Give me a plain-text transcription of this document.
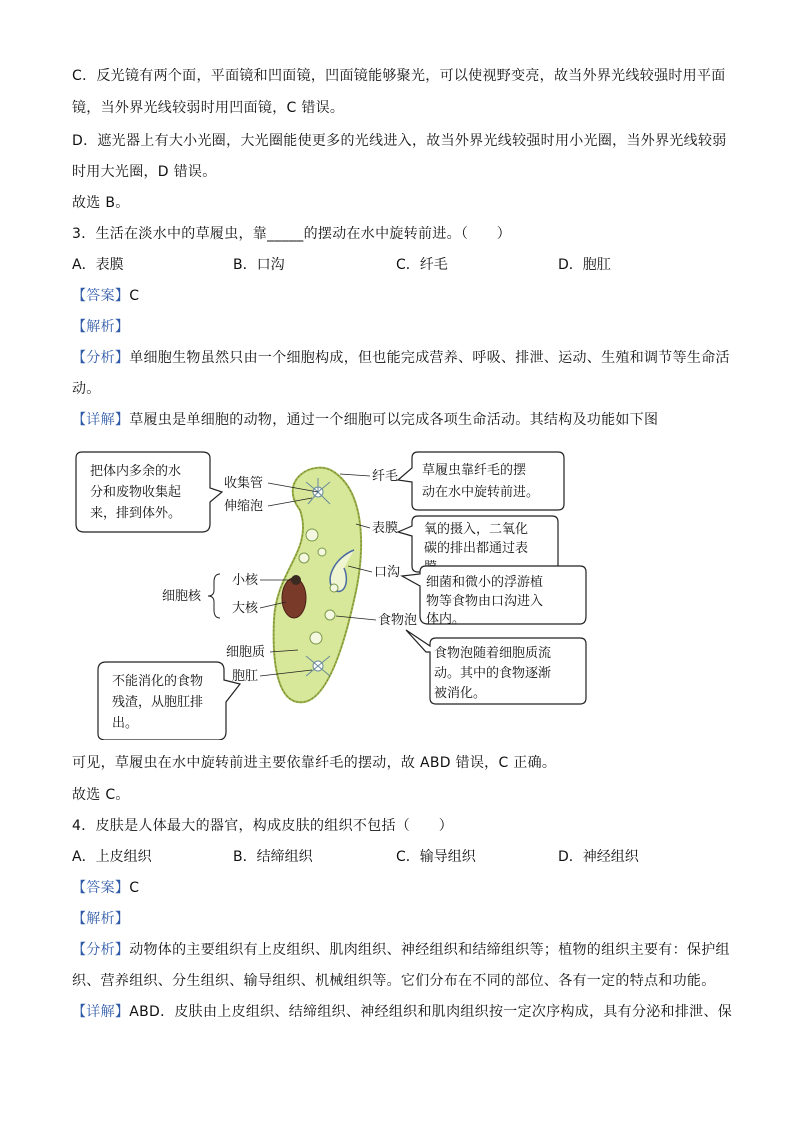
C．反光镜有两个面，平面镜和凹面镜，凹面镜能够聚光，可以使视野变亮，故当外界光线较强时用平面
镜，当外界光线较弱时用凹面镜，C 错误。
D．遮光器上有大小光圈，大光圈能使更多的光线进入，故当外界光线较强时用小光圈，当外界光线较弱
时用大光圈，D 错误。
故选 B。
3．生活在淡水中的草履虫，靠_____的摆动在水中旋转前进。（　　）
A．表膜	B．口沟	C．纤毛	D．胞肛
【答案】C
【解析】
【分析】单细胞生物虽然只由一个细胞构成，但也能完成营养、呼吸、排泄、运动、生殖和调节等生命活
动。
【详解】草履虫是单细胞的动物，通过一个细胞可以完成各项生命活动。其结构及功能如下图
把体内多余的水
分和废物收集起
来，排到体外。
不能消化的食物
残渣，从胞肛排
出。
收集管
伸缩泡
细胞核
小核
大核
细胞质
胞肛
纤毛
表膜
口沟
食物泡
草履虫靠纤毛的摆
动在水中旋转前进。
氧的摄入，二氧化
碳的排出都通过表
细菌和微小的浮游植
物等食物由口沟进入
体内。
食物泡随着细胞质流
动。其中的食物逐渐
被消化。
可见，草履虫在水中旋转前进主要依靠纤毛的摆动，故 ABD 错误，C 正确。
故选 C。
4．皮肤是人体最大的器官，构成皮肤的组织不包括（　　）
A．上皮组织	B．结缔组织	C．输导组织	D．神经组织
【答案】C
【解析】
【分析】动物体的主要组织有上皮组织、肌肉组织、神经组织和结缔组织等；植物的组织主要有：保护组
织、营养组织、分生组织、输导组织、机械组织等。它们分布在不同的部位、各有一定的特点和功能。
【详解】ABD．皮肤由上皮组织、结缔组织、神经组织和肌肉组织按一定次序构成，具有分泌和排泄、保
